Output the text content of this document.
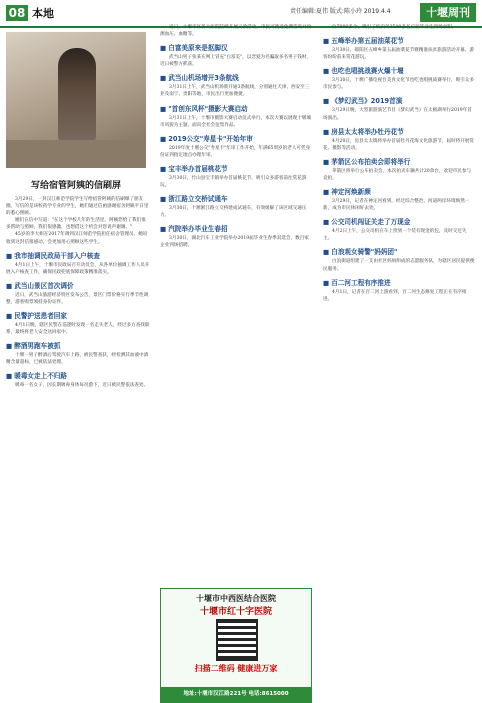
08 本地	责任编辑:夏伟 版式:陈小玲 2019.4.4	十堰周刊
写给宿管阿姨的信刷屏
3月29日，一封汉江师范学院学生写给宿管阿姨的信刷爆了朋友圈。写信的是该校药学专业的学生，她们通过信函感谢宿舍阿姨平日里的悉心照顾。
她们在信中写道："在这个学校几年的生活里，阿姨您给了我们很多帮助与照顾，我们很感激，也想借这个机会对您说声谢谢。"
45岁的李大姐在2017年调到汉江师范学院担任宿舍管理员，她说收到这封信很感动，会更加用心照顾这些学生。
■ 我市抽调民政局干部入户核查
4月1日上午，十堰市民政局召开动员会，从各单位抽调工作人员开展入户核查工作，确保民政兜底保障政策精准落实。
■ 武当山景区首次调价
近日，武当山旅游经济特区发布公告，景区门票价格实行季节性调整，游客购票须持身份证件。
■ 民警护送患者回家
4月1日晚，辖区民警在巡逻时发现一名走失老人，经过多方查找联系，最终将老人安全送回家中。
■ 醉酒男跑车被抓
十堰一男子醉酒后驾驶汽车上路，被民警查获，经检测其血液中酒精含量超标，已被依法处理。
■ 暖毒女走上不归路
吸毒一名女子，因长期吸毒身体每况愈下，近日被民警依法查处。
近日，十堰市区各大医院陆续开展义诊活动，市民可就近免费咨询并检测血压、血糖等。
■ 白富美原来是抠脚汉
武当山男子张某在网上冒充"白富美"，以恋爱为名骗取多名男子钱财，近日被警方抓获。
■ 武当山机场增开3条航线
3月31日上午，武当山机场新开通3条航线，分别通往天津、西安至三亚及南宁、贵阳等地，市民出行更加便捷。
■ "首创东风杯"摄影大赛启动
3月31日上午，十堰市摄影大赛启动仪式举行，本次大赛以展现十堰城市风貌为主题，面向全社会征集作品。
■ 2019公交"寿星卡"开始年审
2019年度十堰公交"寿星卡"年审工作开始，年满65周岁的老人可凭身份证到指定地点办理年审。
■ 宝丰举办首届桃花节
3月30日，竹山县宝丰镇举办首届桃花节，吸引众多游客前往赏花游玩。
■ 浙江路立交桥试通车
3月30日，十堰浙江路立交桥建成试通车，有效缓解了该区域交通压力。
■ 汽院举办毕业生春招
3月30日，湖北汽车工业学院举办2019届毕业生春季双选会，数百家企业到场招聘。
位7000多个，吸引了校内外3500多名应届毕业生到场求职。
■ 五峰举办第五届油菜花节
3月30日，郧阳区五峰乡第五届油菜花节暨精准扶贫旅游活动开幕，游客纷纷前来赏花游玩。
■ 也吃也唱挑战赛火爆十堰
3月30日，十堰广播电视台美食文化节也吃也唱挑战赛举行，吸引众多市民参与。
■ 《梦幻武当》2019首演
3月29日晚，大型旅游演艺节目《梦幻武当》在太极湖举行2019年首场演出。
■ 房县太太将举办牡丹花节
4月20日，房县太太镇将举办首届牡丹花海文化旅游节，届时将开展赏花、摄影等活动。
■ 茅箭区公布拍卖会即将举行
茅箭区将举行公车拍卖会，本次拍卖车辆共计20余台，欢迎市民参与竞拍。
■ 神定河焕新颜
3月29日，记者在神定河看到，经过综合整治，河道两岸环境焕然一新，成为市民休闲好去处。
■ 公交司机闯证关走了万现金
4月2日上午，公交司机在车上捡到一个装有现金的包，及时交还失主。
■ 白浪观女骑警"妈妈团"
白浪街道组建了一支由社区妈妈组成的志愿服务队，为辖区居民提供便民服务。
■ 百二河工程有序推进
4月1日，记者在百二河上游看到，百二河生态修复工程正在有序推进。
十堰市中西医结合医院
十堰市红十字医院
扫描二维码 健康进万家
地址:十堰市汉江路221号 电话:8615000
